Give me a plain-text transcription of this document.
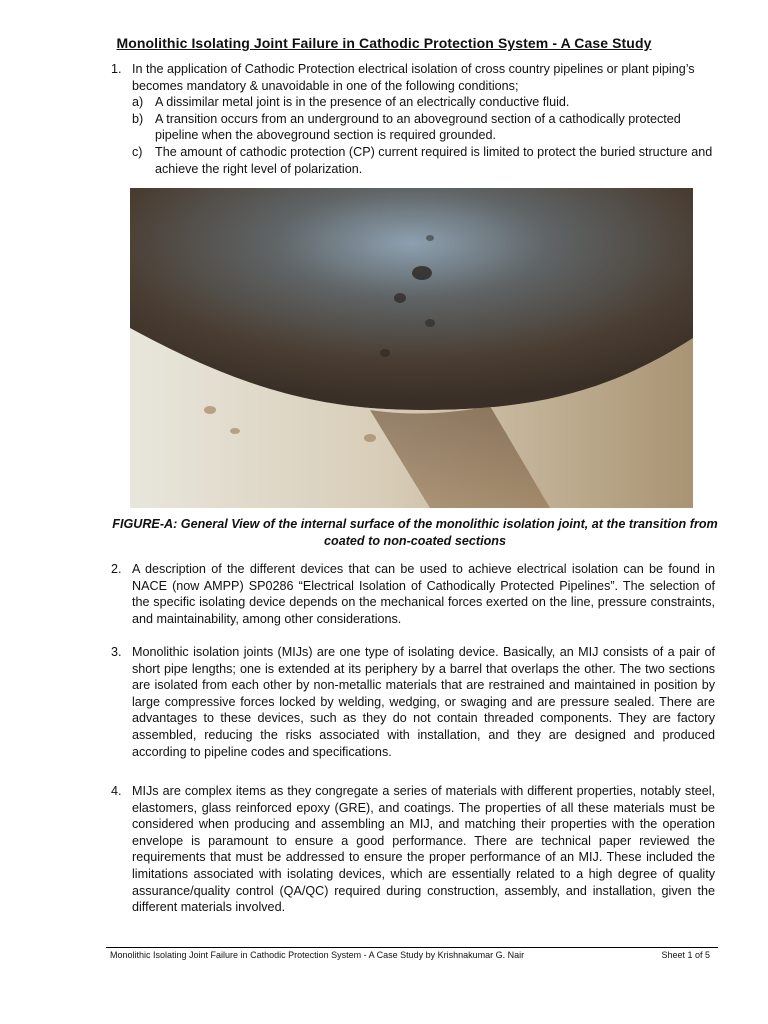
Monolithic Isolating Joint Failure in Cathodic Protection System - A Case Study
1. In the application of Cathodic Protection electrical isolation of cross country pipelines or plant piping’s becomes mandatory & unavoidable in one of the following conditions;
a) A dissimilar metal joint is in the presence of an electrically conductive fluid.
b) A transition occurs from an underground to an aboveground section of a cathodically protected pipeline when the aboveground section is required grounded.
c) The amount of cathodic protection (CP) current required is limited to protect the buried structure and achieve the right level of polarization.
FIGURE-A: General View of the internal surface of the monolithic isolation joint, at the transition from coated to non-coated sections
2. A description of the different devices that can be used to achieve electrical isolation can be found in NACE (now AMPP) SP0286 “Electrical Isolation of Cathodically Protected Pipelines”. The selection of the specific isolating device depends on the mechanical forces exerted on the line, pressure constraints, and maintainability, among other considerations.
3. Monolithic isolation joints (MIJs) are one type of isolating device. Basically, an MIJ consists of a pair of short pipe lengths; one is extended at its periphery by a barrel that overlaps the other. The two sections are isolated from each other by non-metallic materials that are restrained and maintained in position by large compressive forces locked by welding, wedging, or swaging and are pressure sealed. There are advantages to these devices, such as they do not contain threaded components. They are factory assembled, reducing the risks associated with installation, and they are designed and produced according to pipeline codes and specifications.
4. MIJs are complex items as they congregate a series of materials with different properties, notably steel, elastomers, glass reinforced epoxy (GRE), and coatings. The properties of all these materials must be considered when producing and assembling an MIJ, and matching their properties with the operation envelope is paramount to ensure a good performance. There are technical paper reviewed the requirements that must be addressed to ensure the proper performance of an MIJ. These included the limitations associated with isolating devices, which are essentially related to a high degree of quality assurance/quality control (QA/QC) required during construction, assembly, and installation, given the different materials involved.
Monolithic Isolating Joint Failure in Cathodic Protection System - A Case Study by Krishnakumar G. Nair	Sheet 1 of 5
